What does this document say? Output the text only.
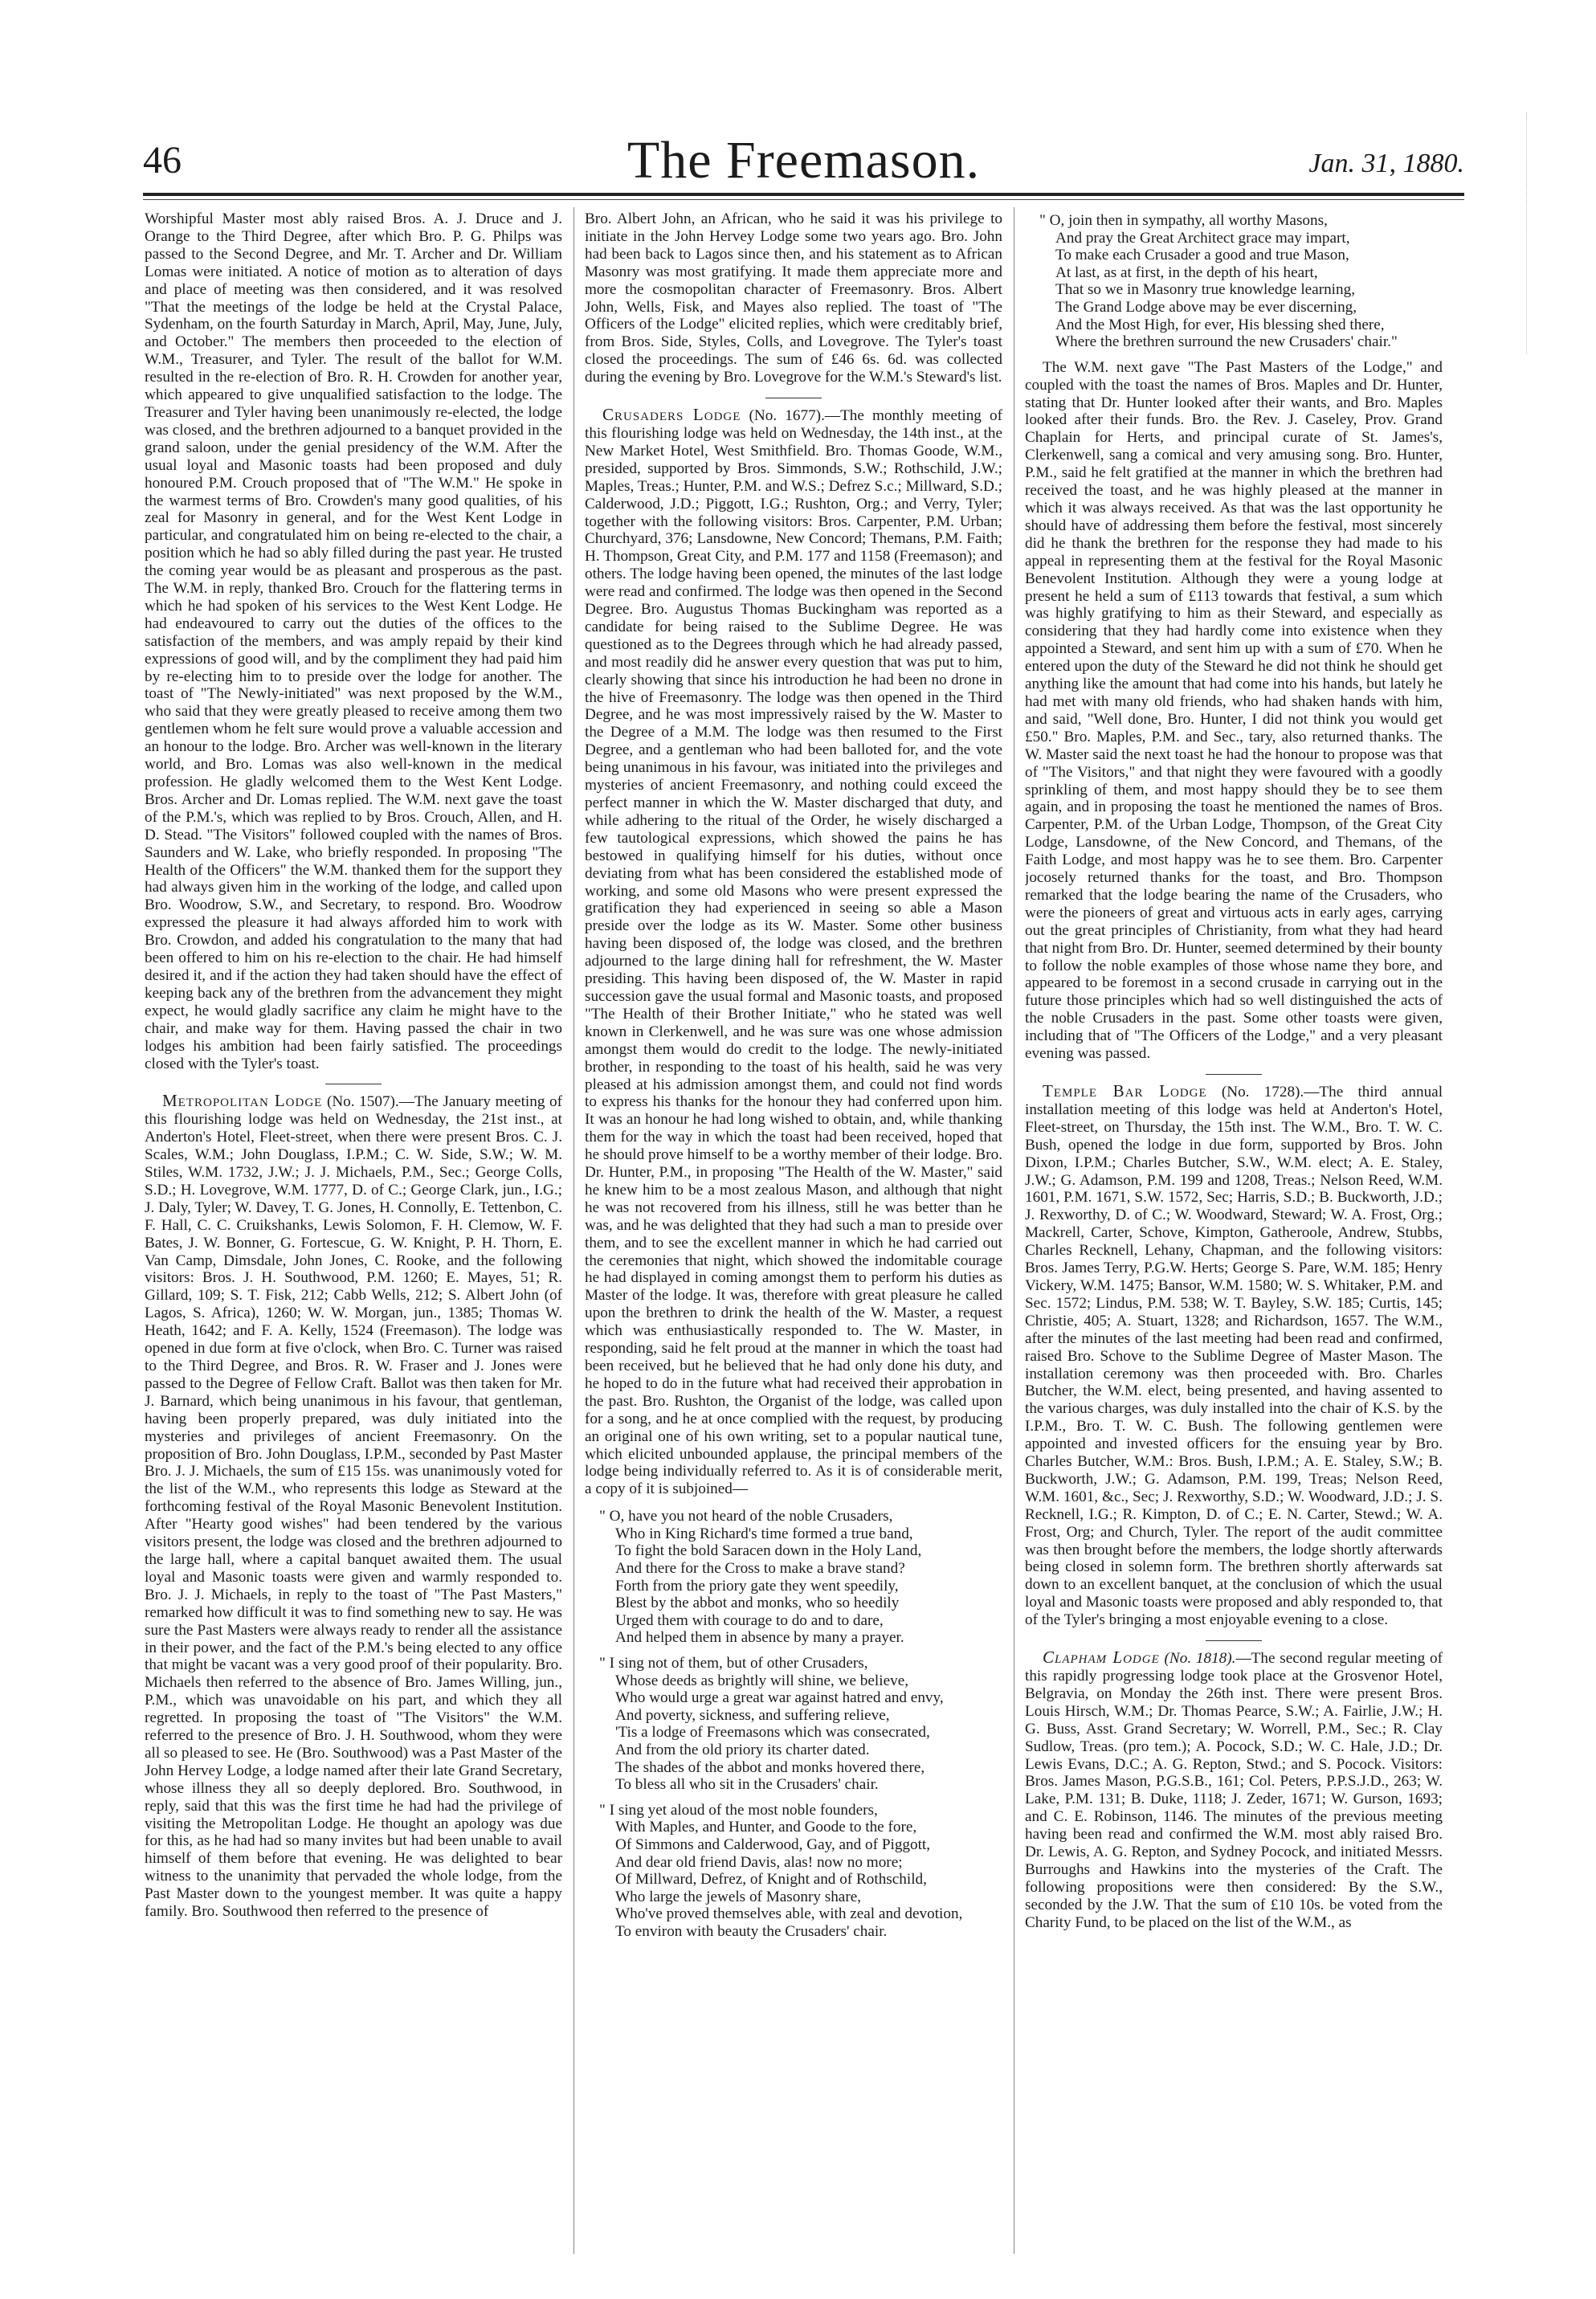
46	The Freemason.	Jan. 31, 1880.

Worshipful Master most ably raised Bros. A. J. Druce and J. Orange to the Third Degree, after which Bro. P. G. Philps was passed to the Second Degree, and Mr. T. Archer and Dr. William Lomas were initiated. A notice of motion as to alteration of days and place of meeting was then considered, and it was resolved "That the meetings of the lodge be held at the Crystal Palace, Sydenham, on the fourth Saturday in March, April, May, June, July, and October." The members then proceeded to the election of W.M., Treasurer, and Tyler. The result of the ballot for W.M. resulted in the re-election of Bro. R. H. Crowden for another year, which appeared to give unqualified satisfaction to the lodge. The Treasurer and Tyler having been unanimously re-elected, the lodge was closed, and the brethren adjourned to a banquet provided in the grand saloon, under the genial presidency of the W.M. After the usual loyal and Masonic toasts had been proposed and duly honoured P.M. Crouch proposed that of "The W.M." He spoke in the warmest terms of Bro. Crowden's many good qualities, of his zeal for Masonry in general, and for the West Kent Lodge in particular, and congratulated him on being re-elected to the chair, a position which he had so ably filled during the past year. He trusted the coming year would be as pleasant and prosperous as the past. The W.M. in reply, thanked Bro. Crouch for the flattering terms in which he had spoken of his services to the West Kent Lodge. He had endeavoured to carry out the duties of the offices to the satisfaction of the members, and was amply repaid by their kind expressions of good will, and by the compliment they had paid him by re-electing him to to preside over the lodge for another. The toast of "The Newly-initiated" was next proposed by the W.M., who said that they were greatly pleased to receive among them two gentlemen whom he felt sure would prove a valuable accession and an honour to the lodge. Bro. Archer was well-known in the literary world, and Bro. Lomas was also well-known in the medical profession. He gladly welcomed them to the West Kent Lodge. Bros. Archer and Dr. Lomas replied. The W.M. next gave the toast of the P.M.'s, which was replied to by Bros. Crouch, Allen, and H. D. Stead. "The Visitors" followed coupled with the names of Bros. Saunders and W. Lake, who briefly responded. In proposing "The Health of the Officers" the W.M. thanked them for the support they had always given him in the working of the lodge, and called upon Bro. Woodrow, S.W., and Secretary, to respond. Bro. Woodrow expressed the pleasure it had always afforded him to work with Bro. Crowdon, and added his congratulation to the many that had been offered to him on his re-election to the chair. He had himself desired it, and if the action they had taken should have the effect of keeping back any of the brethren from the advancement they might expect, he would gladly sacrifice any claim he might have to the chair, and make way for them. Having passed the chair in two lodges his ambition had been fairly satisfied. The proceedings closed with the Tyler's toast.

Metropolitan Lodge (No. 1507).—The January meeting of this flourishing lodge was held on Wednesday, the 21st inst., at Anderton's Hotel, Fleet-street, when there were present Bros. C. J. Scales, W.M.; John Douglass, I.P.M.; C. W. Side, S.W.; W. M. Stiles, W.M. 1732, J.W.; J. J. Michaels, P.M., Sec.; George Colls, S.D.; H. Lovegrove, W.M. 1777, D. of C.; George Clark, jun., I.G.; J. Daly, Tyler; W. Davey, T. G. Jones, H. Connolly, E. Tettenbon, C. F. Hall, C. C. Cruikshanks, Lewis Solomon, F. H. Clemow, W. F. Bates, J. W. Bonner, G. Fortescue, G. W. Knight, P. H. Thorn, E. Van Camp, Dimsdale, John Jones, C. Rooke, and the following visitors: Bros. J. H. Southwood, P.M. 1260; E. Mayes, 51; R. Gillard, 109; S. T. Fisk, 212; Cabb Wells, 212; S. Albert John (of Lagos, S. Africa), 1260; W. W. Morgan, jun., 1385; Thomas W. Heath, 1642; and F. A. Kelly, 1524 (Freemason). The lodge was opened in due form at five o'clock, when Bro. C. Turner was raised to the Third Degree, and Bros. R. W. Fraser and J. Jones were passed to the Degree of Fellow Craft. Ballot was then taken for Mr. J. Barnard, which being unanimous in his favour, that gentleman, having been properly prepared, was duly initiated into the mysteries and privileges of ancient Freemasonry. On the proposition of Bro. John Douglass, I.P.M., seconded by Past Master Bro. J. J. Michaels, the sum of £15 15s. was unanimously voted for the list of the W.M., who represents this lodge as Steward at the forthcoming festival of the Royal Masonic Benevolent Institution. After "Hearty good wishes" had been tendered by the various visitors present, the lodge was closed and the brethren adjourned to the large hall, where a capital banquet awaited them. The usual loyal and Masonic toasts were given and warmly responded to. Bro. J. J. Michaels, in reply to the toast of "The Past Masters," remarked how difficult it was to find something new to say. He was sure the Past Masters were always ready to render all the assistance in their power, and the fact of the P.M.'s being elected to any office that might be vacant was a very good proof of their popularity. Bro. Michaels then referred to the absence of Bro. James Willing, jun., P.M., which was unavoidable on his part, and which they all regretted. In proposing the toast of "The Visitors" the W.M. referred to the presence of Bro. J. H. Southwood, whom they were all so pleased to see. He (Bro. Southwood) was a Past Master of the John Hervey Lodge, a lodge named after their late Grand Secretary, whose illness they all so deeply deplored. Bro. Southwood, in reply, said that this was the first time he had had the privilege of visiting the Metropolitan Lodge. He thought an apology was due for this, as he had had so many invites but had been unable to avail himself of them before that evening. He was delighted to bear witness to the unanimity that pervaded the whole lodge, from the Past Master down to the youngest member. It was quite a happy family. Bro. Southwood then referred to the presence of

Bro. Albert John, an African, who he said it was his privilege to initiate in the John Hervey Lodge some two years ago. Bro. John had been back to Lagos since then, and his statement as to African Masonry was most gratifying. It made them appreciate more and more the cosmopolitan character of Freemasonry. Bros. Albert John, Wells, Fisk, and Mayes also replied. The toast of "The Officers of the Lodge" elicited replies, which were creditably brief, from Bros. Side, Styles, Colls, and Lovegrove. The Tyler's toast closed the proceedings. The sum of £46 6s. 6d. was collected during the evening by Bro. Lovegrove for the W.M.'s Steward's list.

Crusaders Lodge (No. 1677).—The monthly meeting of this flourishing lodge was held on Wednesday, the 14th inst., at the New Market Hotel, West Smithfield. Bro. Thomas Goode, W.M., presided, supported by Bros. Simmonds, S.W.; Rothschild, J.W.; Maples, Treas.; Hunter, P.M. and W.S.; Defrez S.c.; Millward, S.D.; Calderwood, J.D.; Piggott, I.G.; Rushton, Org.; and Verry, Tyler; together with the following visitors: Bros. Carpenter, P.M. Urban; Churchyard, 376; Lansdowne, New Concord; Themans, P.M. Faith; H. Thompson, Great City, and P.M. 177 and 1158 (Freemason); and others. The lodge having been opened, the minutes of the last lodge were read and confirmed. The lodge was then opened in the Second Degree. Bro. Augustus Thomas Buckingham was reported as a candidate for being raised to the Sublime Degree. He was questioned as to the Degrees through which he had already passed, and most readily did he answer every question that was put to him, clearly showing that since his introduction he had been no drone in the hive of Freemasonry. The lodge was then opened in the Third Degree, and he was most impressively raised by the W. Master to the Degree of a M.M. The lodge was then resumed to the First Degree, and a gentleman who had been balloted for, and the vote being unanimous in his favour, was initiated into the privileges and mysteries of ancient Freemasonry, and nothing could exceed the perfect manner in which the W. Master discharged that duty, and while adhering to the ritual of the Order, he wisely discharged a few tautological expressions, which showed the pains he has bestowed in qualifying himself for his duties, without once deviating from what has been considered the established mode of working, and some old Masons who were present expressed the gratification they had experienced in seeing so able a Mason preside over the lodge as its W. Master. Some other business having been disposed of, the lodge was closed, and the brethren adjourned to the large dining hall for refreshment, the W. Master presiding. This having been disposed of, the W. Master in rapid succession gave the usual formal and Masonic toasts, and proposed "The Health of their Brother Initiate," who he stated was well known in Clerkenwell, and he was sure was one whose admission amongst them would do credit to the lodge. The newly-initiated brother, in responding to the toast of his health, said he was very pleased at his admission amongst them, and could not find words to express his thanks for the honour they had conferred upon him. It was an honour he had long wished to obtain, and, while thanking them for the way in which the toast had been received, hoped that he should prove himself to be a worthy member of their lodge. Bro. Dr. Hunter, P.M., in proposing "The Health of the W. Master," said he knew him to be a most zealous Mason, and although that night he was not recovered from his illness, still he was better than he was, and he was delighted that they had such a man to preside over them, and to see the excellent manner in which he had carried out the ceremonies that night, which showed the indomitable courage he had displayed in coming amongst them to perform his duties as Master of the lodge. It was, therefore with great pleasure he called upon the brethren to drink the health of the W. Master, a request which was enthusiastically responded to. The W. Master, in responding, said he felt proud at the manner in which the toast had been received, but he believed that he had only done his duty, and he hoped to do in the future what had received their approbation in the past. Bro. Rushton, the Organist of the lodge, was called upon for a song, and he at once complied with the request, by producing an original one of his own writing, set to a popular nautical tune, which elicited unbounded applause, the principal members of the lodge being individually referred to. As it is of considerable merit, a copy of it is subjoined—

" O, have you not heard of the noble Crusaders,
Who in King Richard's time formed a true band,
To fight the bold Saracen down in the Holy Land,
And there for the Cross to make a brave stand?
Forth from the priory gate they went speedily,
Blest by the abbot and monks, who so heedily
Urged them with courage to do and to dare,
And helped them in absence by many a prayer.
" I sing not of them, but of other Crusaders,
Whose deeds as brightly will shine, we believe,
Who would urge a great war against hatred and envy,
And poverty, sickness, and suffering relieve,
'Tis a lodge of Freemasons which was consecrated,
And from the old priory its charter dated.
The shades of the abbot and monks hovered there,
To bless all who sit in the Crusaders' chair.
" I sing yet aloud of the most noble founders,
With Maples, and Hunter, and Goode to the fore,
Of Simmons and Calderwood, Gay, and of Piggott,
And dear old friend Davis, alas! now no more;
Of Millward, Defrez, of Knight and of Rothschild,
Who large the jewels of Masonry share,
Who've proved themselves able, with zeal and devotion,
To environ with beauty the Crusaders' chair.
" O, join then in sympathy, all worthy Masons,
And pray the Great Architect grace may impart,
To make each Crusader a good and true Mason,
At last, as at first, in the depth of his heart,
That so we in Masonry true knowledge learning,
The Grand Lodge above may be ever discerning,
And the Most High, for ever, His blessing shed there,
Where the brethren surround the new Crusaders' chair."

The W.M. next gave "The Past Masters of the Lodge," and coupled with the toast the names of Bros. Maples and Dr. Hunter, stating that Dr. Hunter looked after their wants, and Bro. Maples looked after their funds. Bro. the Rev. J. Caseley, Prov. Grand Chaplain for Herts, and principal curate of St. James's, Clerkenwell, sang a comical and very amusing song. Bro. Hunter, P.M., said he felt gratified at the manner in which the brethren had received the toast, and he was highly pleased at the manner in which it was always received. As that was the last opportunity he should have of addressing them before the festival, most sincerely did he thank the brethren for the response they had made to his appeal in representing them at the festival for the Royal Masonic Benevolent Institution. Although they were a young lodge at present he held a sum of £113 towards that festival, a sum which was highly gratifying to him as their Steward, and especially as considering that they had hardly come into existence when they appointed a Steward, and sent him up with a sum of £70. When he entered upon the duty of the Steward he did not think he should get anything like the amount that had come into his hands, but lately he had met with many old friends, who had shaken hands with him, and said, "Well done, Bro. Hunter, I did not think you would get £50." Bro. Maples, P.M. and Sec., tary, also returned thanks. The W. Master said the next toast he had the honour to propose was that of "The Visitors," and that night they were favoured with a goodly sprinkling of them, and most happy should they be to see them again, and in proposing the toast he mentioned the names of Bros. Carpenter, P.M. of the Urban Lodge, Thompson, of the Great City Lodge, Lansdowne, of the New Concord, and Themans, of the Faith Lodge, and most happy was he to see them. Bro. Carpenter jocosely returned thanks for the toast, and Bro. Thompson remarked that the lodge bearing the name of the Crusaders, who were the pioneers of great and virtuous acts in early ages, carrying out the great principles of Christianity, from what they had heard that night from Bro. Dr. Hunter, seemed determined by their bounty to follow the noble examples of those whose name they bore, and appeared to be foremost in a second crusade in carrying out in the future those principles which had so well distinguished the acts of the noble Crusaders in the past. Some other toasts were given, including that of "The Officers of the Lodge," and a very pleasant evening was passed.

Temple Bar Lodge (No. 1728).—The third annual installation meeting of this lodge was held at Anderton's Hotel, Fleet-street, on Thursday, the 15th inst. The W.M., Bro. T. W. C. Bush, opened the lodge in due form, supported by Bros. John Dixon, I.P.M.; Charles Butcher, S.W., W.M. elect; A. E. Staley, J.W.; G. Adamson, P.M. 199 and 1208, Treas.; Nelson Reed, W.M. 1601, P.M. 1671, S.W. 1572, Sec; Harris, S.D.; B. Buckworth, J.D.; J. Rexworthy, D. of C.; W. Woodward, Steward; W. A. Frost, Org.; Mackrell, Carter, Schove, Kimpton, Gatheroole, Andrew, Stubbs, Charles Recknell, Lehany, Chapman, and the following visitors: Bros. James Terry, P.G.W. Herts; George S. Pare, W.M. 185; Henry Vickery, W.M. 1475; Bansor, W.M. 1580; W. S. Whitaker, P.M. and Sec. 1572; Lindus, P.M. 538; W. T. Bayley, S.W. 185; Curtis, 145; Christie, 405; A. Stuart, 1328; and Richardson, 1657. The W.M., after the minutes of the last meeting had been read and confirmed, raised Bro. Schove to the Sublime Degree of Master Mason. The installation ceremony was then proceeded with. Bro. Charles Butcher, the W.M. elect, being presented, and having assented to the various charges, was duly installed into the chair of K.S. by the I.P.M., Bro. T. W. C. Bush. The following gentlemen were appointed and invested officers for the ensuing year by Bro. Charles Butcher, W.M.: Bros. Bush, I.P.M.; A. E. Staley, S.W.; B. Buckworth, J.W.; G. Adamson, P.M. 199, Treas; Nelson Reed, W.M. 1601, &c., Sec; J. Rexworthy, S.D.; W. Woodward, J.D.; J. S. Recknell, I.G.; R. Kimpton, D. of C.; E. N. Carter, Stewd.; W. A. Frost, Org; and Church, Tyler. The report of the audit committee was then brought before the members, the lodge shortly afterwards being closed in solemn form. The brethren shortly afterwards sat down to an excellent banquet, at the conclusion of which the usual loyal and Masonic toasts were proposed and ably responded to, that of the Tyler's bringing a most enjoyable evening to a close.

Clapham Lodge (No. 1818).—The second regular meeting of this rapidly progressing lodge took place at the Grosvenor Hotel, Belgravia, on Monday the 26th inst. There were present Bros. Louis Hirsch, W.M.; Dr. Thomas Pearce, S.W.; A. Fairlie, J.W.; H. G. Buss, Asst. Grand Secretary; W. Worrell, P.M., Sec.; R. Clay Sudlow, Treas. (pro tem.); A. Pocock, S.D.; W. C. Hale, J.D.; Dr. Lewis Evans, D.C.; A. G. Repton, Stwd.; and S. Pocock. Visitors: Bros. James Mason, P.G.S.B., 161; Col. Peters, P.P.S.J.D., 263; W. Lake, P.M. 131; B. Duke, 1118; J. Zeder, 1671; W. Gurson, 1693; and C. E. Robinson, 1146. The minutes of the previous meeting having been read and confirmed the W.M. most ably raised Bro. Dr. Lewis, A. G. Repton, and Sydney Pocock, and initiated Messrs. Burroughs and Hawkins into the mysteries of the Craft. The following propositions were then considered: By the S.W., seconded by the J.W. That the sum of £10 10s. be voted from the Charity Fund, to be placed on the list of the W.M., as
